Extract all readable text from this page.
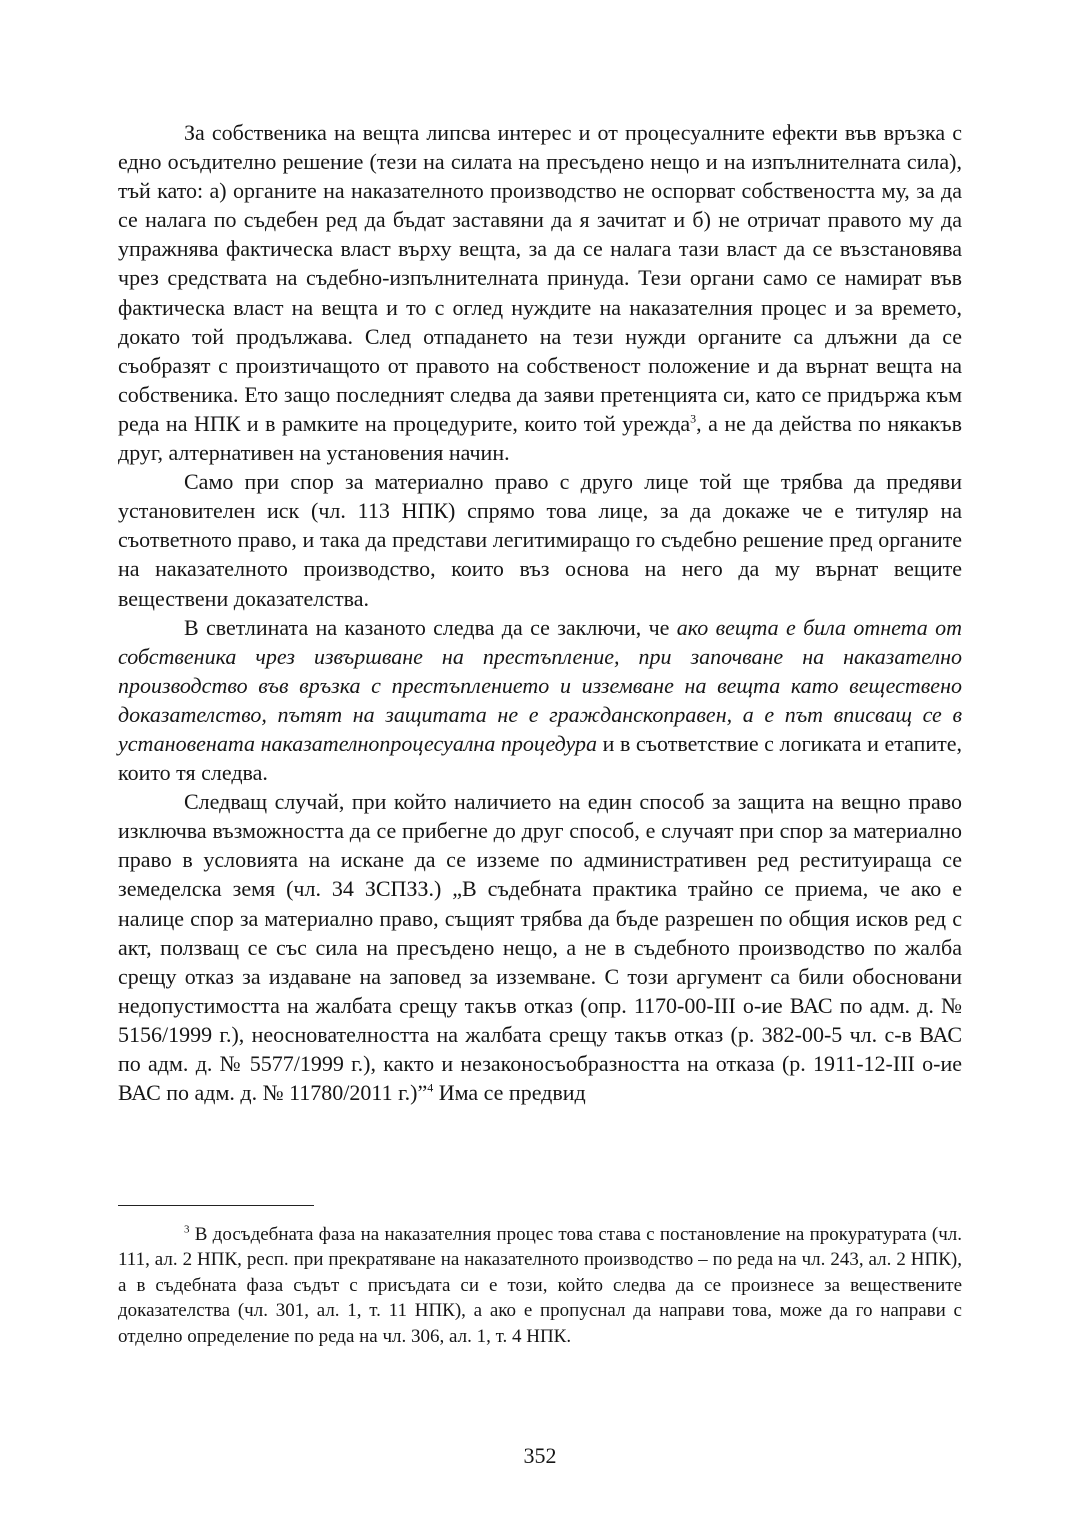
За собственика на вещта липсва интерес и от процесуалните ефекти във връзка с едно осъдително решение (тези на силата на пресъдено нещо и на изпълнителната сила), тъй като: а) органите на наказателното производство не оспорват собствеността му, за да се налага по съдебен ред да бъдат заставяни да я зачитат и б) не отричат правото му да упражнява фактическа власт върху вещта, за да се налага тази власт да се възстановява чрез средствата на съдебно-изпълнителната принуда. Тези органи само се намират във фактическа власт на вещта и то с оглед нуждите на наказателния процес и за времето, докато той продължава. След отпадането на тези нужди органите са длъжни да се съобразят с произтичащото от правото на собственост положение и да върнат вещта на собственика. Ето защо последният следва да заяви претенцията си, като се придържа към реда на НПК и в рамките на процедурите, които той урежда$^3$, а не да действа по някакъв друг, алтернативен на установения начин.

Само при спор за материално право с друго лице той ще трябва да предяви установителен иск (чл. 113 НПК) спрямо това лице, за да докаже че е титуляр на съответното право, и така да представи легитимиращо го съдебно решение пред органите на наказателното производство, които въз основа на него да му върнат вещите веществени доказателства.

В светлината на казаното следва да се заключи, че ако вещта е била отнета от собственика чрез извършване на престъпление, при започване на наказателно производство във връзка с престъплението и изземване на вещта като веществено доказателство, пътят на защитата не е гражданскоправен, а е път вписващ се в установената наказателнопроцесуална процедура и в съответствие с логиката и етапите, които тя следва.

Следващ случай, при който наличието на един способ за защита на вещно право изключва възможността да се прибегне до друг способ, е случаят при спор за материално право в условията на искане да се изземе по административен ред реституираща се земеделска земя (чл. 34 ЗСПЗЗ.) „В съдебната практика трайно се приема, че ако е налице спор за материално право, същият трябва да бъде разрешен по общия исков ред с акт, ползващ се със сила на пресъдено нещо, а не в съдебното производство по жалба срещу отказ за издаване на заповед за изземване. С този аргумент са били обосновани недопустимостта на жалбата срещу такъв отказ (опр. 1170-00-III о-ие ВАС по адм. д. № 5156/1999 г.), неоснователността на жалбата срещу такъв отказ (р. 382-00-5 чл. с-в ВАС по адм. д. № 5577/1999 г.), както и незаконосъобразността на отказа (р. 1911-12-III о-ие ВАС по адм. д. № 11780/2011 г.)”$^4$ Има се предвид

$^3$ В досъдебната фаза на наказателния процес това става с постановление на прокуратурата (чл. 111, ал. 2 НПК, респ. при прекратяване на наказателното производство – по реда на чл. 243, ал. 2 НПК), а в съдебната фаза съдът с присъдата си е този, който следва да се произнесе за веществените доказателства (чл. 301, ал. 1, т. 11 НПК), а ако е пропуснал да направи това, може да го направи с отделно определение по реда на чл. 306, ал. 1, т. 4 НПК.

352
